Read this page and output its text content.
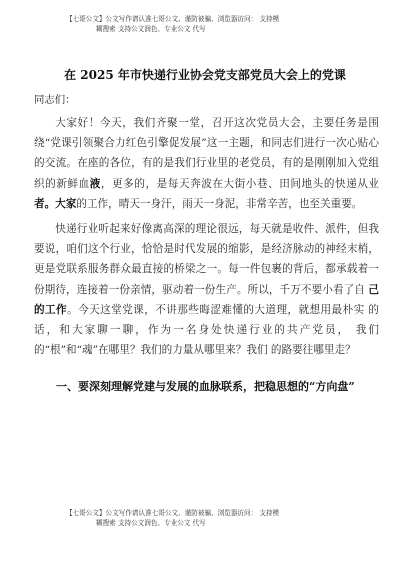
【七哥公文】公文写作请认准七哥公文、谨防被骗、浏览器访问： 支持模
糊搜索 支持公文润色、专业公文 代写
在 2025 年市快递行业协会党支部党员大会上的党课
同志们：

大家好！今天，我们齐聚一堂，召开这次党员大会，主要任务是围绕“党课引领聚合力红色引擎促发展”这一主题，和同志们进行一次心贴心的交流。在座的各位，有的是我们行业里的老党员，有的是刚刚加入党组织的新鲜血液，更多的，是每天奔波在大街小巷、田间地头的快递从业者。大家的工作，晴天一身汗，雨天一身泥，非常辛苦，也至关重要。

快递行业听起来好像离高深的理论很远，每天就是收件、派件，但我要说，咱们这个行业，恰恰是时代发展的缩影，是经济脉动的神经末梢，更是党联系服务群众最直接的桥梁之一。每一件包裹的背后，都承载着一份期待，连接着一份亲情，驱动着一份生产。所以，千万不要小看了自 己的工作。今天这堂党课，不讲那些晦涩难懂的大道理，就想用最朴实 的话，和大家聊一聊，作为一名身处快递行业的共产党员， 我们的“根”和“魂”在哪里？我们的力量从哪里来？我们 的路要往哪里走？

一、要深刻理解党建与发展的血脉联系，把稳思想的“方向盘”
【七哥公文】公文写作请认准七哥公文、谨防被骗、浏览器访问： 支持模
糊搜索 支持公文润色、专业公文 代写
